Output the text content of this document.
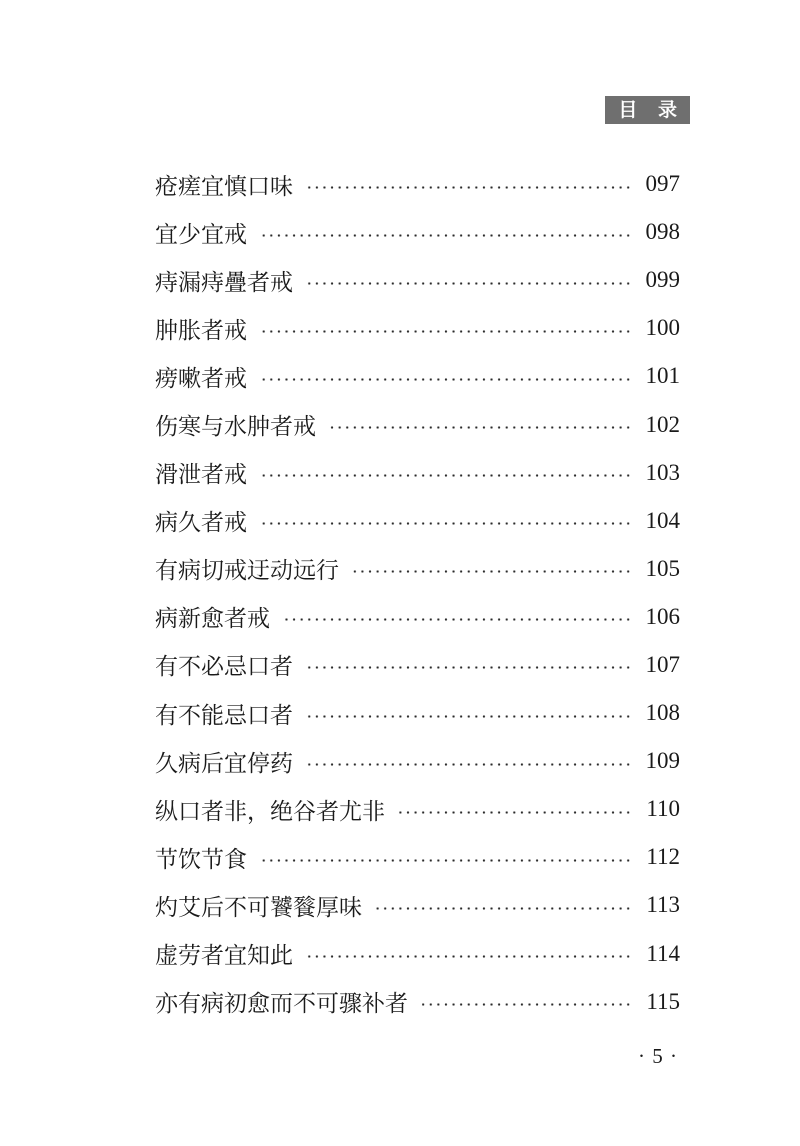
目 录
疮瘥宜慎口味	097
宜少宜戒	098
痔漏痔疊者戒	099
肿胀者戒	100
痨嗽者戒	101
伤寒与水肿者戒	102
滑泄者戒	103
病久者戒	104
有病切戒迂动远行	105
病新愈者戒	106
有不必忌口者	107
有不能忌口者	108
久病后宜停药	109
纵口者非，绝谷者尤非	110
节饮节食	112
灼艾后不可饕餮厚味	113
虚劳者宜知此	114
亦有病初愈而不可骤补者	115
· 5 ·
